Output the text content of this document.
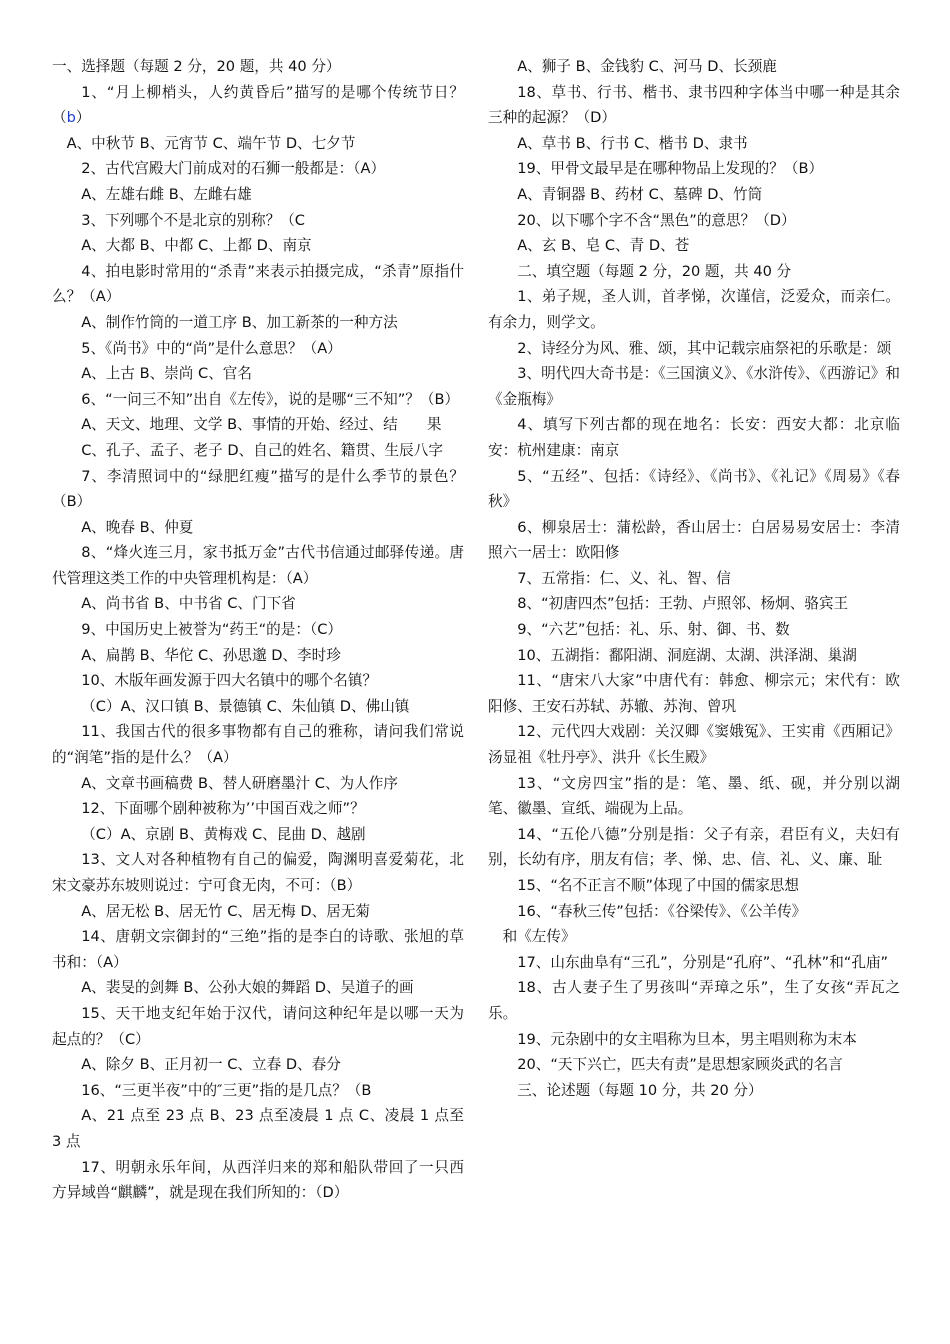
一、选择题（每题 2 分，20 题，共 40 分）

1、“月上柳梢头，人约黄昏后”描写的是哪个传统节日？（b）

A、中秋节 B、元宵节 C、端午节 D、七夕节

2、古代宫殿大门前成对的石狮一般都是：（A）

A、左雄右雌 B、左雌右雄

3、下列哪个不是北京的别称？（C

A、大都 B、中都 C、上都 D、南京

4、拍电影时常用的“杀青”来表示拍摄完成，“杀青”原指什么？（A）

A、制作竹筒的一道工序 B、加工新茶的一种方法

5、《尚书》中的“尚”是什么意思？（A）

A、上古 B、崇尚 C、官名

6、“一问三不知”出自《左传》，说的是哪“三不知”？（B）

A、天文、地理、文学 B、事情的开始、经过、结	果

C、孔子、孟子、老子 D、自己的姓名、籍贯、生辰八字

7、李清照词中的“绿肥红瘦”描写的是什么季节的景色？（B）

A、晚春 B、仲夏

8、“烽火连三月，家书抵万金”古代书信通过邮驿传递。唐代管理这类工作的中央管理机构是：（A）

A、尚书省 B、中书省 C、门下省

9、中国历史上被誉为“药王“的是：（C）

A、扁鹊 B、华佗 C、孙思邈 D、李时珍

10、木版年画发源于四大名镇中的哪个名镇？

（C）A、汉口镇 B、景德镇 C、朱仙镇 D、佛山镇

11、我国古代的很多事物都有自己的雅称，请问我们常说的“润笔”指的是什么？（A）

A、文章书画稿费 B、替人研磨墨汁 C、为人作序

12、下面哪个剧种被称为’’中国百戏之师”？

（C）A、京剧 B、黄梅戏 C、昆曲 D、越剧

13、文人对各种植物有自己的偏爱，陶渊明喜爱菊花，北宋文豪苏东坡则说过：宁可食无肉，不可：（B）

A、居无松 B、居无竹 C、居无梅 D、居无菊

14、唐朝文宗御封的“三绝”指的是李白的诗歌、张旭的草书和：（A）

A、裴旻的剑舞 B、公孙大娘的舞蹈 D、吴道子的画

15、天干地支纪年始于汉代，请问这种纪年是以哪一天为起点的？（C）

A、除夕 B、正月初一 C、立春 D、春分

16、“三更半夜”中的″三更”指的是几点？（B

A、21 点至 23 点 B、23 点至凌晨 1 点 C、凌晨 1 点至 3 点

17、明朝永乐年间，从西洋归来的郑和船队带回了一只西方异域兽“麒麟”，就是现在我们所知的：（D）

A、狮子 B、金钱豹 C、河马 D、长颈鹿

18、草书、行书、楷书、隶书四种字体当中哪一种是其余三种的起源？（D）

A、草书 B、行书 C、楷书 D、隶书

19、甲骨文最早是在哪种物品上发现的？（B）

A、青铜器 B、药材 C、墓碑 D、竹筒

20、以下哪个字不含“黑色”的意思？（D）

A、玄 B、皂 C、青 D、苍

二、填空题（每题 2 分，20 题，共 40 分

1、弟子规，圣人训，首孝悌，次谨信，泛爱众，而亲仁。有余力，则学文。

2、诗经分为风、雅、颂，其中记载宗庙祭祀的乐歌是：颂

3、明代四大奇书是：《三国演义》、《水浒传》、《西游记》和《金瓶梅》

4、填写下列古都的现在地名：长安：西安大都：北京临安：杭州建康：南京

5、“五经”、包括：《诗经》、《尚书》、《礼记》《周易》《春秋》

6、柳泉居士：蒲松龄，香山居士：白居易易安居士：李清照六一居士：欧阳修

7、五常指：仁、义、礼、智、信

8、“初唐四杰”包括：王勃、卢照邻、杨炯、骆宾王

9、“六艺”包括：礼、乐、射、御、书、数

10、五湖指：鄱阳湖、洞庭湖、太湖、洪泽湖、巢湖

11、“唐宋八大家”中唐代有：韩愈、柳宗元；宋代有：欧阳修、王安石苏轼、苏辙、苏洵、曾巩

12、元代四大戏剧：关汉卿《窦娥冤》、王实甫《西厢记》汤显祖《牡丹亭》、洪升《长生殿》

13、“文房四宝”指的是：笔、墨、纸、砚，并分别以湖笔、徽墨、宣纸、端砚为上品。

14、“五伦八德”分别是指：父子有亲，君臣有义，夫妇有别，长幼有序，朋友有信；孝、悌、忠、信、礼、义、廉、耻

15、“名不正言不顺”体现了中国的儒家思想

16、“春秋三传”包括：《谷梁传》、《公羊传》

和《左传》

17、山东曲阜有“三孔”，分别是“孔府”、“孔林”和“孔庙”

18、古人妻子生了男孩叫“弄璋之乐”，生了女孩“弄瓦之乐。

19、元杂剧中的女主唱称为旦本，男主唱则称为末本

20、“天下兴亡，匹夫有责”是思想家顾炎武的名言

三、论述题（每题 10 分，共 20 分）
